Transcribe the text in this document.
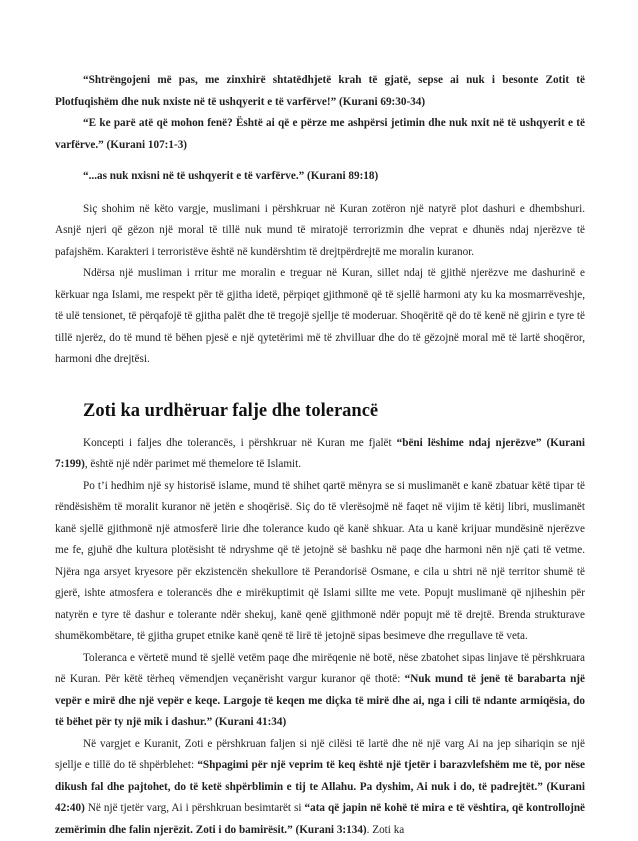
“Shtrëngojeni më pas, me zinxhirë shtatëdhjetë krah të gjatë, sepse ai nuk i besonte Zotit të Plotfuqishëm dhe nuk nxiste në të ushqyerit e të varfërve!” (Kurani 69:30-34)

“E ke parë atë që mohon fenë? Është ai që e përze me ashpërsi jetimin dhe nuk nxit në të ushqyerit e të varfërve.” (Kurani 107:1-3)

“...as nuk nxisni në të ushqyerit e të varfërve.” (Kurani 89:18)

Siç shohim në këto vargje, muslimani i përshkruar në Kuran zotëron një natyrë plot dashuri e dhembshuri. Asnjë njeri që gëzon një moral të tillë nuk mund të miratojë terrorizmin dhe veprat e dhunës ndaj njerëzve të pafajshëm. Karakteri i terroristëve është në kundërshtim të drejtpërdrejtë me moralin kuranor.

Ndërsa një musliman i rritur me moralin e treguar në Kuran, sillet ndaj të gjithë njerëzve me dashurinë e kërkuar nga Islami, me respekt për të gjitha idetë, përpiqet gjithmonë që të sjellë harmoni aty ku ka mosmarrëveshje, të ulë tensionet, të përqafojë të gjitha palët dhe të tregojë sjellje të moderuar. Shoqëritë që do të kenë në gjirin e tyre të tillë njerëz, do të mund të bëhen pjesë e një qytetërimi më të zhvilluar dhe do të gëzojnë moral më të lartë shoqëror, harmoni dhe drejtësi.

Zoti ka urdhëruar falje dhe tolerancë

Koncepti i faljes dhe tolerancës, i përshkruar në Kuran me fjalët “bëni lëshime ndaj njerëzve” (Kurani 7:199), është një ndër parimet më themelore të Islamit.

Po t’i hedhim një sy historisë islame, mund të shihet qartë mënyra se si muslimanët e kanë zbatuar këtë tipar të rëndësishëm të moralit kuranor në jetën e shoqërisë. Siç do të vlerësojmë në faqet në vijim të këtij libri, muslimanët kanë sjellë gjithmonë një atmosferë lirie dhe tolerance kudo që kanë shkuar. Ata u kanë krijuar mundësinë njerëzve me fe, gjuhë dhe kultura plotësisht të ndryshme që të jetojnë së bashku në paqe dhe harmoni nën një çati të vetme. Njëra nga arsyet kryesore për ekzistencën shekullore të Perandorisë Osmane, e cila u shtri në një territor shumë të gjerë, ishte atmosfera e tolerancës dhe e mirëkuptimit që Islami sillte me vete. Popujt muslimanë që njiheshin për natyrën e tyre të dashur e tolerante ndër shekuj, kanë qenë gjithmonë ndër popujt më të drejtë. Brenda strukturave shumëkombëtare, të gjitha grupet etnike kanë qenë të lirë të jetojnë sipas besimeve dhe rregullave të veta.

Toleranca e vërtetë mund të sjellë vetëm paqe dhe mirëqenie në botë, nëse zbatohet sipas linjave të përshkruara në Kuran. Për këtë tërheq vëmendjen veçanërisht vargur kuranor që thotë: “Nuk mund të jenë të barabarta një vepër e mirë dhe një vepër e keqe. Largoje të keqen me diçka të mirë dhe ai, nga i cili të ndante armiqësia, do të bëhet për ty një mik i dashur.” (Kurani 41:34)

Në vargjet e Kuranit, Zoti e përshkruan faljen si një cilësi të lartë dhe në një varg Ai na jep sihariqin se një sjellje e tillë do të shpërblehet: “Shpagimi për një veprim të keq është një tjetër i barazvlefshëm me të, por nëse dikush fal dhe pajtohet, do të ketë shpërblimin e tij te Allahu. Pa dyshim, Ai nuk i do, të padrejtët.” (Kurani 42:40) Në një tjetër varg, Ai i përshkruan besimtarët si “ata që japin në kohë të mira e të vështira, që kontrollojnë zemërimin dhe falin njerëzit. Zoti i do bamirësit.” (Kurani 3:134). Zoti ka
